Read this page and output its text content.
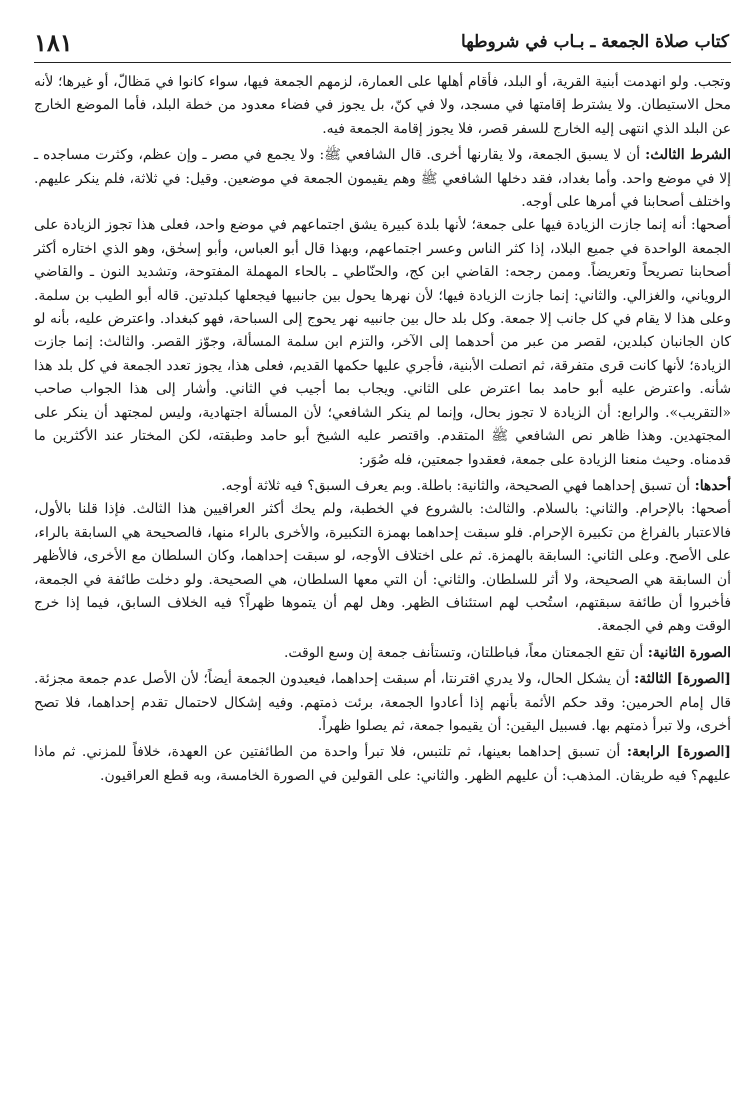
١٨١	كتاب صلاة الجمعة ـ بـاب في شروطها

وتجب. ولو انهدمت أبنية القرية، أو البلد، فأقام أهلها على العمارة، لزمهم الجمعة فيها، سواء كانوا في مَظالّ، أو غيرها؛ لأنه محل الاستيطان. ولا يشترط إقامتها في مسجد، ولا في كنّ، بل يجوز في فضاء معدود من خطة البلد، فأما الموضع الخارج عن البلد الذي انتهى إليه الخارج للسفر قصر، فلا يجوز إقامة الجمعة فيه.

الشرط الثالث: أن لا يسبق الجمعة، ولا يقارنها أخرى. قال الشافعي ﷺ: ولا يجمع في مصر ـ وإن عظم، وكثرت مساجده ـ إلا في موضع واحد. وأما بغداد، فقد دخلها الشافعي ﷺ وهم يقيمون الجمعة في موضعين. وقيل: في ثلاثة، فلم ينكر عليهم. واختلف أصحابنا في أمرها على أوجه.

أصحها: أنه إنما جازت الزيادة فيها على جمعة؛ لأنها بلدة كبيرة يشق اجتماعهم في موضع واحد، فعلى هذا تجوز الزيادة على الجمعة الواحدة في جميع البلاد، إذا كثر الناس وعسر اجتماعهم، وبهذا قال أبو العباس، وأبو إسحٰق، وهو الذي اختاره أكثر أصحابنا تصريحاً وتعريضاً. وممن رجحه: القاضي ابن كج، والحنّاطي ـ بالحاء المهملة المفتوحة، وتشديد النون ـ والقاضي الروياني، والغزالي. والثاني: إنما جازت الزيادة فيها؛ لأن نهرها يحول بين جانبيها فيجعلها كبلدتين. قاله أبو الطيب بن سلمة. وعلى هذا لا يقام في كل جانب إلا جمعة. وكل بلد حال بين جانبيه نهر يحوج إلى السباحة، فهو كبغداد. واعترض عليه، بأنه لو كان الجانبان كبلدين، لقصر من عبر من أحدهما إلى الآخر، والتزم ابن سلمة المسألة، وجوّز القصر. والثالث: إنما جازت الزيادة؛ لأنها كانت قرى متفرقة، ثم اتصلت الأبنية، فأجري عليها حكمها القديم، فعلى هذا، يجوز تعدد الجمعة في كل بلد هذا شأنه. واعترض عليه أبو حامد بما اعترض على الثاني. ويجاب بما أجيب في الثاني. وأشار إلى هذا الجواب صاحب «التقريب». والرابع: أن الزيادة لا تجوز بحال، وإنما لم ينكر الشافعي؛ لأن المسألة اجتهادية، وليس لمجتهد أن ينكر على المجتهدين. وهذا ظاهر نص الشافعي ﷺ المتقدم. واقتصر عليه الشيخ أبو حامد وطبقته، لكن المختار عند الأكثرين ما قدمناه. وحيث منعنا الزيادة على جمعة، فعقدوا جمعتين، فله صُوَر:

أحدها: أن تسبق إحداهما فهي الصحيحة، والثانية: باطلة. وبم يعرف السبق؟ فيه ثلاثة أوجه.

أصحها: بالإحرام. والثاني: بالسلام. والثالث: بالشروع في الخطبة، ولم يحك أكثر العراقيين هذا الثالث. فإذا قلنا بالأول، فالاعتبار بالفراغ من تكبيرة الإحرام. فلو سبقت إحداهما بهمزة التكبيرة، والأخرى بالراء منها، فالصحيحة هي السابقة بالراء، على الأصح. وعلى الثاني: السابقة بالهمزة. ثم على اختلاف الأوجه، لو سبقت إحداهما، وكان السلطان مع الأخرى، فالأظهر أن السابقة هي الصحيحة، ولا أثر للسلطان. والثاني: أن التي معها السلطان، هي الصحيحة. ولو دخلت طائفة في الجمعة، فأخبروا أن طائفة سبقتهم، استُحب لهم استئناف الظهر. وهل لهم أن يتموها ظهراً؟ فيه الخلاف السابق، فيما إذا خرج الوقت وهم في الجمعة.

الصورة الثانية: أن تقع الجمعتان معاً، فباطلتان، وتستأنف جمعة إن وسع الوقت.

[الصورة] الثالثة: أن يشكل الحال، ولا يدري اقترنتا، أم سبقت إحداهما، فيعيدون الجمعة أيضاً؛ لأن الأصل عدم جمعة مجزئة. قال إمام الحرمين: وقد حكم الأئمة بأنهم إذا أعادوا الجمعة، برئت ذمتهم. وفيه إشكال لاحتمال تقدم إحداهما، فلا تصح أخرى، ولا تبرأ ذمتهم بها. فسبيل اليقين: أن يقيموا جمعة، ثم يصلوا ظهراً.

[الصورة] الرابعة: أن تسبق إحداهما بعينها، ثم تلتبس، فلا تبرأ واحدة من الطائفتين عن العهدة، خلافاً للمزني. ثم ماذا عليهم؟ فيه طريقان. المذهب: أن عليهم الظهر. والثاني: على القولين في الصورة الخامسة، وبه قطع العراقيون.
